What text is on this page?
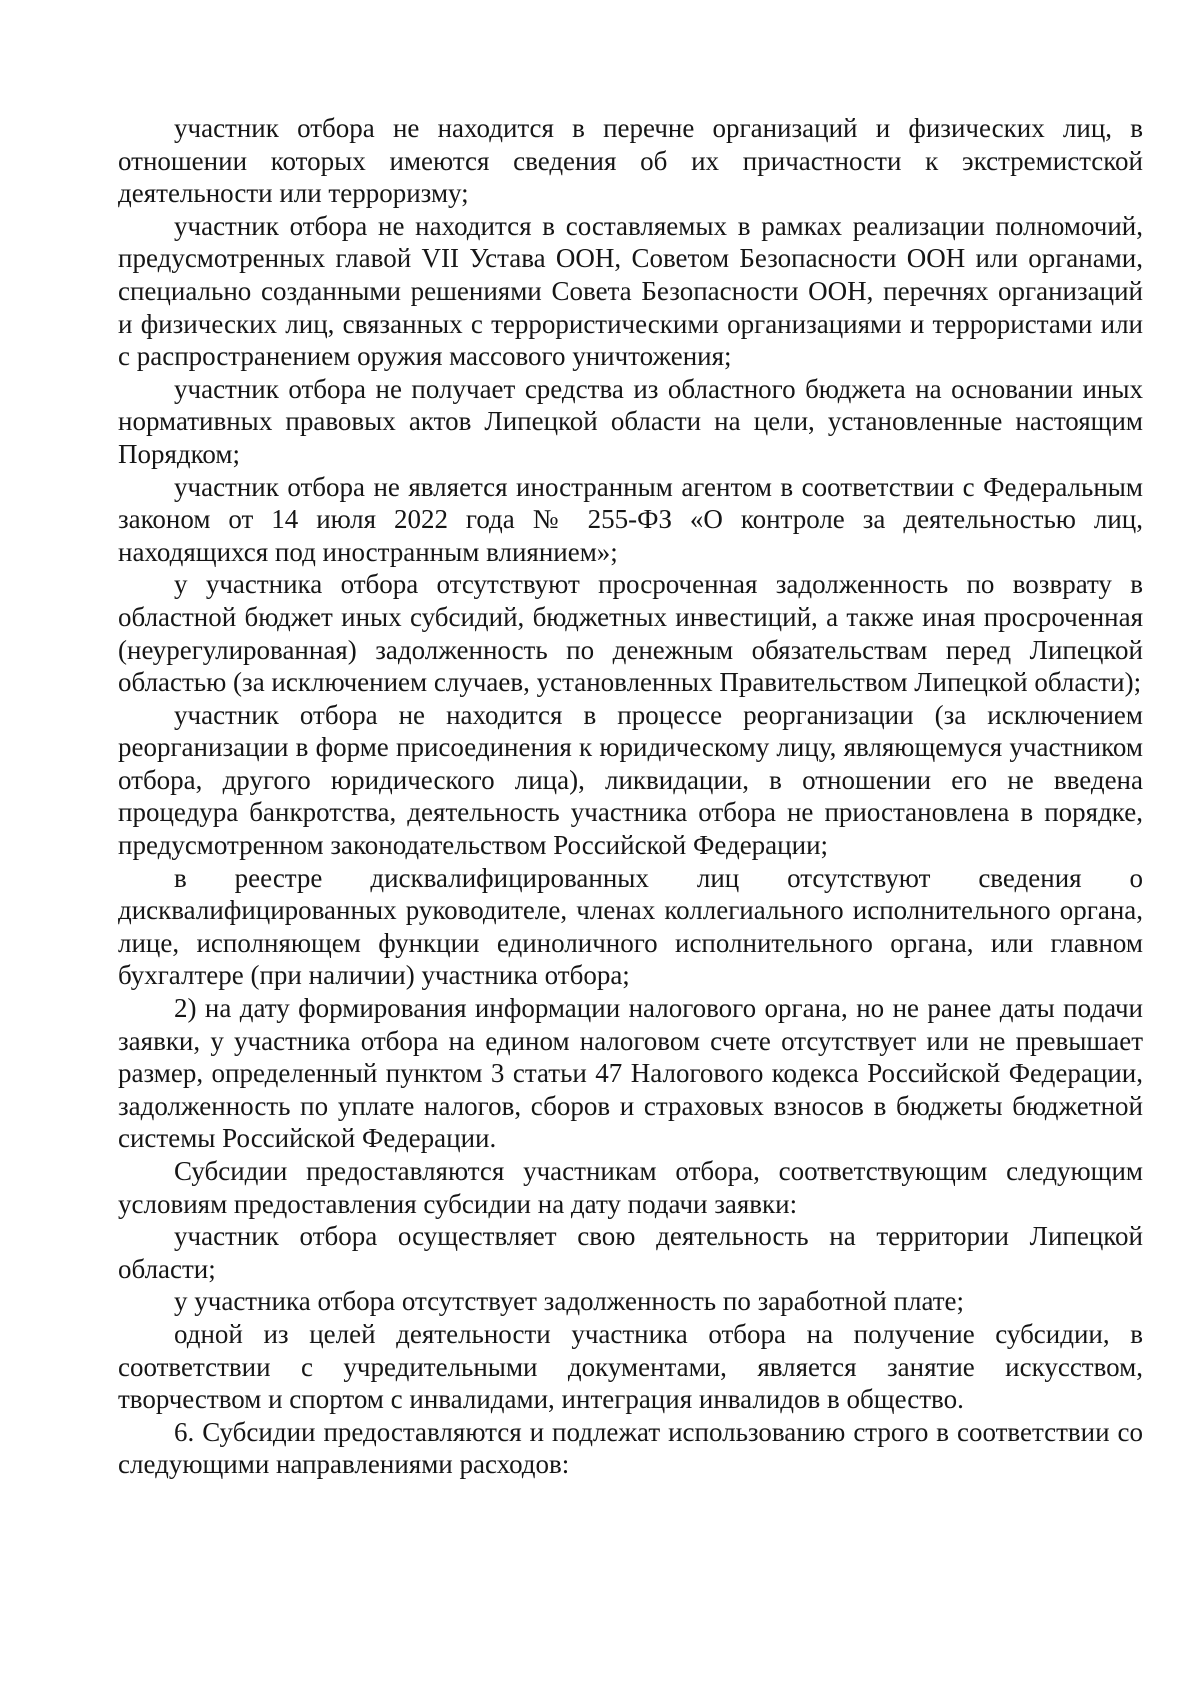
участник отбора не находится в перечне организаций и физических лиц, в отношении которых имеются сведения об их причастности к экстремистской деятельности или терроризму;

участник отбора не находится в составляемых в рамках реализации полномочий, предусмотренных главой VII Устава ООН, Советом Безопасности ООН или органами, специально созданными решениями Совета Безопасности ООН, перечнях организаций и физических лиц, связанных с террористическими организациями и террористами или с распространением оружия массового уничтожения;

участник отбора не получает средства из областного бюджета на основании иных нормативных правовых актов Липецкой области на цели, установленные настоящим Порядком;

участник отбора не является иностранным агентом в соответствии с Федеральным законом от 14 июля 2022 года № 255-ФЗ «О контроле за деятельностью лиц, находящихся под иностранным влиянием»;

у участника отбора отсутствуют просроченная задолженность по возврату в областной бюджет иных субсидий, бюджетных инвестиций, а также иная просроченная (неурегулированная) задолженность по денежным обязательствам перед Липецкой областью (за исключением случаев, установленных Правительством Липецкой области);

участник отбора не находится в процессе реорганизации (за исключением реорганизации в форме присоединения к юридическому лицу, являющемуся участником отбора, другого юридического лица), ликвидации, в отношении его не введена процедура банкротства, деятельность участника отбора не приостановлена в порядке, предусмотренном законодательством Российской Федерации;

в реестре дисквалифицированных лиц отсутствуют сведения о дисквалифицированных руководителе, членах коллегиального исполнительного органа, лице, исполняющем функции единоличного исполнительного органа, или главном бухгалтере (при наличии) участника отбора;

2) на дату формирования информации налогового органа, но не ранее даты подачи заявки, у участника отбора на едином налоговом счете отсутствует или не превышает размер, определенный пунктом 3 статьи 47 Налогового кодекса Российской Федерации, задолженность по уплате налогов, сборов и страховых взносов в бюджеты бюджетной системы Российской Федерации.

Субсидии предоставляются участникам отбора, соответствующим следующим условиям предоставления субсидии на дату подачи заявки:

участник отбора осуществляет свою деятельность на территории Липецкой области;

у участника отбора отсутствует задолженность по заработной плате;

одной из целей деятельности участника отбора на получение субсидии, в соответствии с учредительными документами, является занятие искусством, творчеством и спортом с инвалидами, интеграция инвалидов в общество.

6. Субсидии предоставляются и подлежат использованию строго в соответствии со следующими направлениями расходов:
